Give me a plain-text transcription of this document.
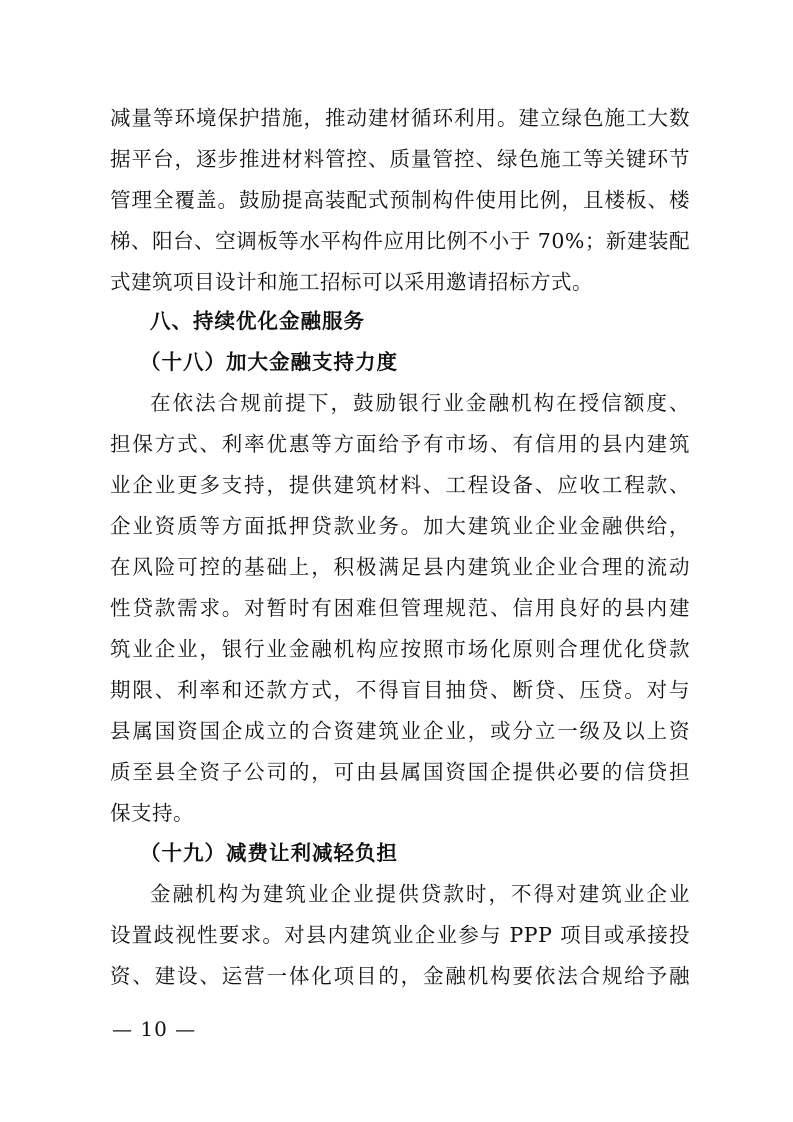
减量等环境保护措施，推动建材循环利用。建立绿色施工大数
据平台，逐步推进材料管控、质量管控、绿色施工等关键环节
管理全覆盖。鼓励提高装配式预制构件使用比例，且楼板、楼
梯、阳台、空调板等水平构件应用比例不小于 70%；新建装配
式建筑项目设计和施工招标可以采用邀请招标方式。
八、持续优化金融服务
（十八）加大金融支持力度
在依法合规前提下，鼓励银行业金融机构在授信额度、
担保方式、利率优惠等方面给予有市场、有信用的县内建筑
业企业更多支持，提供建筑材料、工程设备、应收工程款、
企业资质等方面抵押贷款业务。加大建筑业企业金融供给，
在风险可控的基础上，积极满足县内建筑业企业合理的流动
性贷款需求。对暂时有困难但管理规范、信用良好的县内建
筑业企业，银行业金融机构应按照市场化原则合理优化贷款
期限、利率和还款方式，不得盲目抽贷、断贷、压贷。对与
县属国资国企成立的合资建筑业企业，或分立一级及以上资
质至县全资子公司的，可由县属国资国企提供必要的信贷担
保支持。
（十九）减费让利减轻负担
金融机构为建筑业企业提供贷款时，不得对建筑业企业
设置歧视性要求。对县内建筑业企业参与 PPP 项目或承接投
资、建设、运营一体化项目的，金融机构要依法合规给予融
— 10 —
